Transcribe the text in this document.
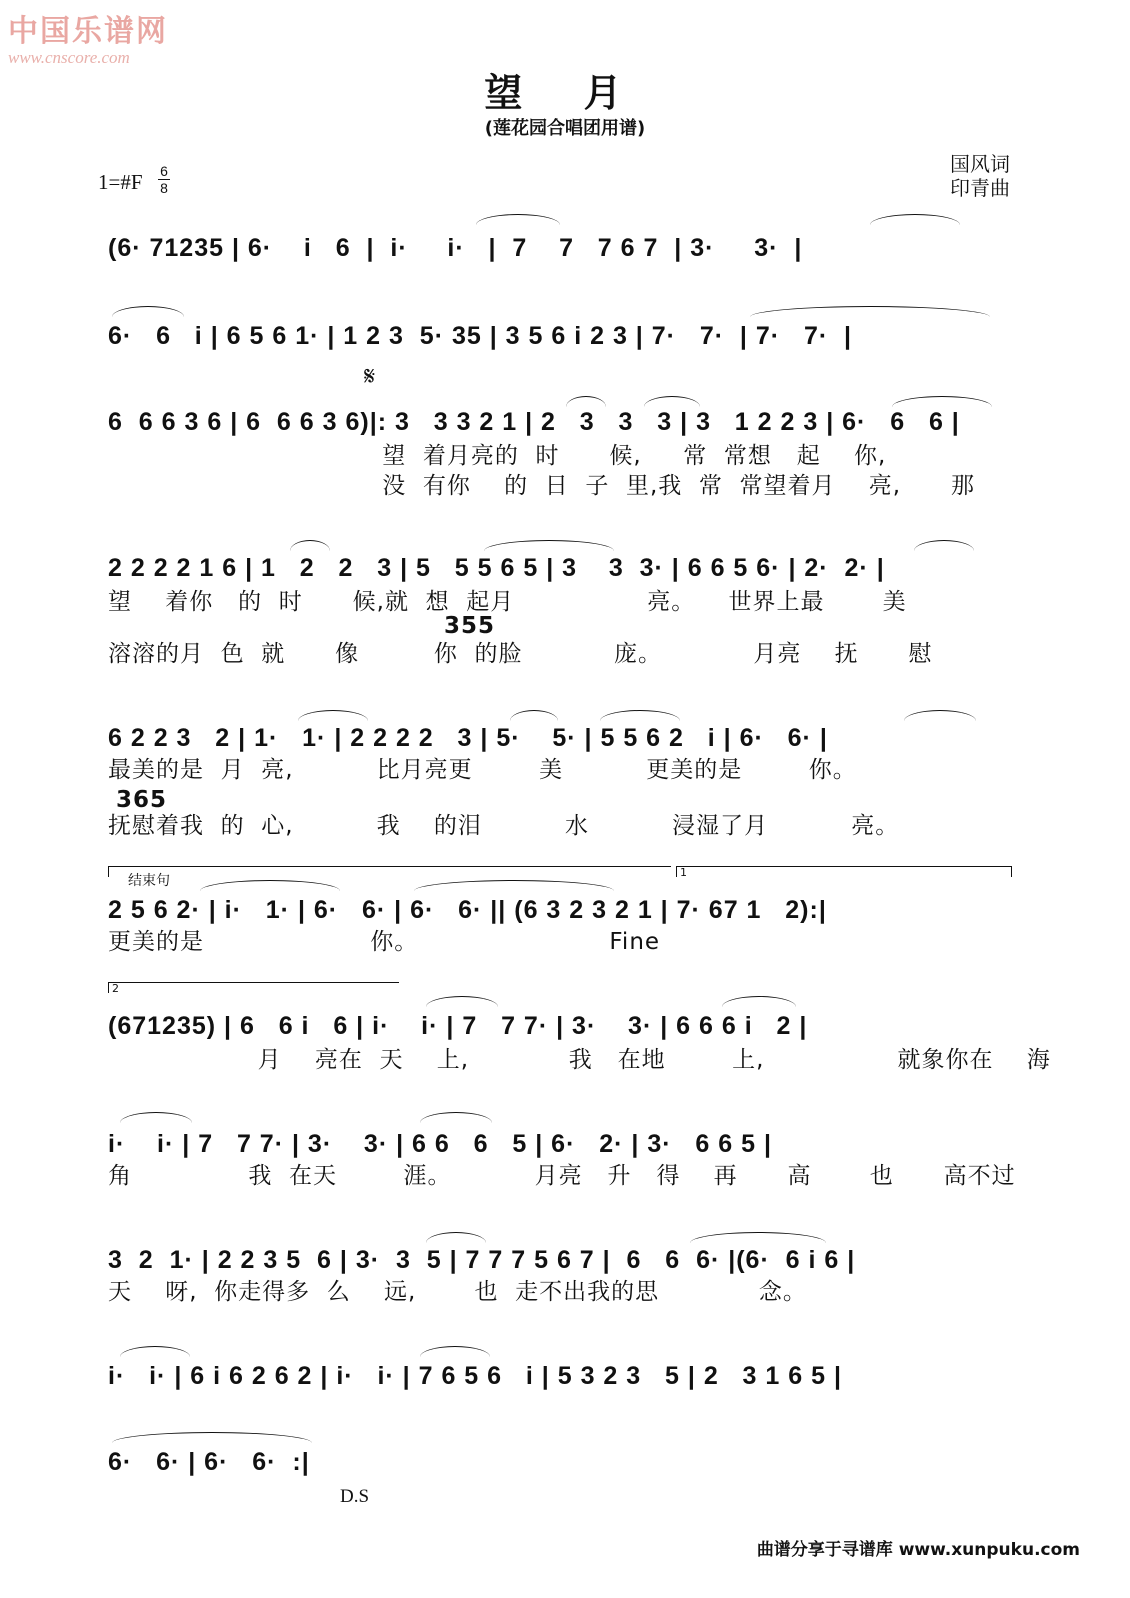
中国乐谱网
www.cnscore.com
望 月
(莲花园合唱团用谱)
1=#F 6
8
国风词
印青曲
(6· 71235 | 6·    i   6  |  i·     i·   |  7    7   7 6 7  | 3·     3·  |
6·   6   i | 6 5 6 1· | 1 2 3  5· 35 | 3 5 6 i 2 3 | 7·   7·  | 7·   7·  |
𝄋
6  6 6 3 6 | 6  6 6 3 6)|: 3   3 3 2 1 | 2   3   3   3 | 3   1 2 2 3 | 6·   6   6 |
望  着月亮的  时      候,     常  常想   起    你,
没  有你    的  日  子  里,我  常  常望着月    亮,      那
2 2 2 2 1 6 | 1   2   2   3 | 5   5 5 6 5 | 3    3  3· | 6 6 5 6· | 2·  2· |
望    着你   的  时      候,就  想  起月                亮。    世界上最       美
355
溶溶的月  色  就      像         你  的脸           庞。           月亮    抚      慰
6 2 2 3   2 | 1·   1· | 2 2 2 2   3 | 5·    5· | 5 5 6 2   i | 6·   6· |
最美的是  月  亮,          比月亮更        美          更美的是        你。
365
抚慰着我  的  心,          我    的泪          水          浸湿了月          亮。
结束句
1
2 5 6 2· | i·   1· | 6·   6· | 6·   6· || (6 3 2 3 2 1 | 7· 67 1   2):|
更美的是                    你。                       Fine
2
(671235) | 6   6 i   6 | i·    i· | 7   7 7· | 3·    3· | 6 6 6 i   2 |
月    亮在  天    上,            我   在地        上,                就象你在    海
i·    i· | 7   7 7· | 3·    3· | 6 6   6   5 | 6·   2· | 3·   6 6 5 |
角              我  在天        涯。          月亮   升   得    再      高       也      高不过
3  2  1· | 2 2 3 5  6 | 3·  3  5 | 7 7 7 5 6 7 |  6   6  6· |(6·  6 i 6 |
天    呀,  你走得多  么    远,       也  走不出我的思            念。
i·   i· | 6 i 6 2 6 2 | i·   i· | 7 6 5 6   i | 5 3 2 3   5 | 2   3 1 6 5 |
6·   6· | 6·   6·  :|
D.S
曲谱分享于寻谱库 www.xunpuku.com
